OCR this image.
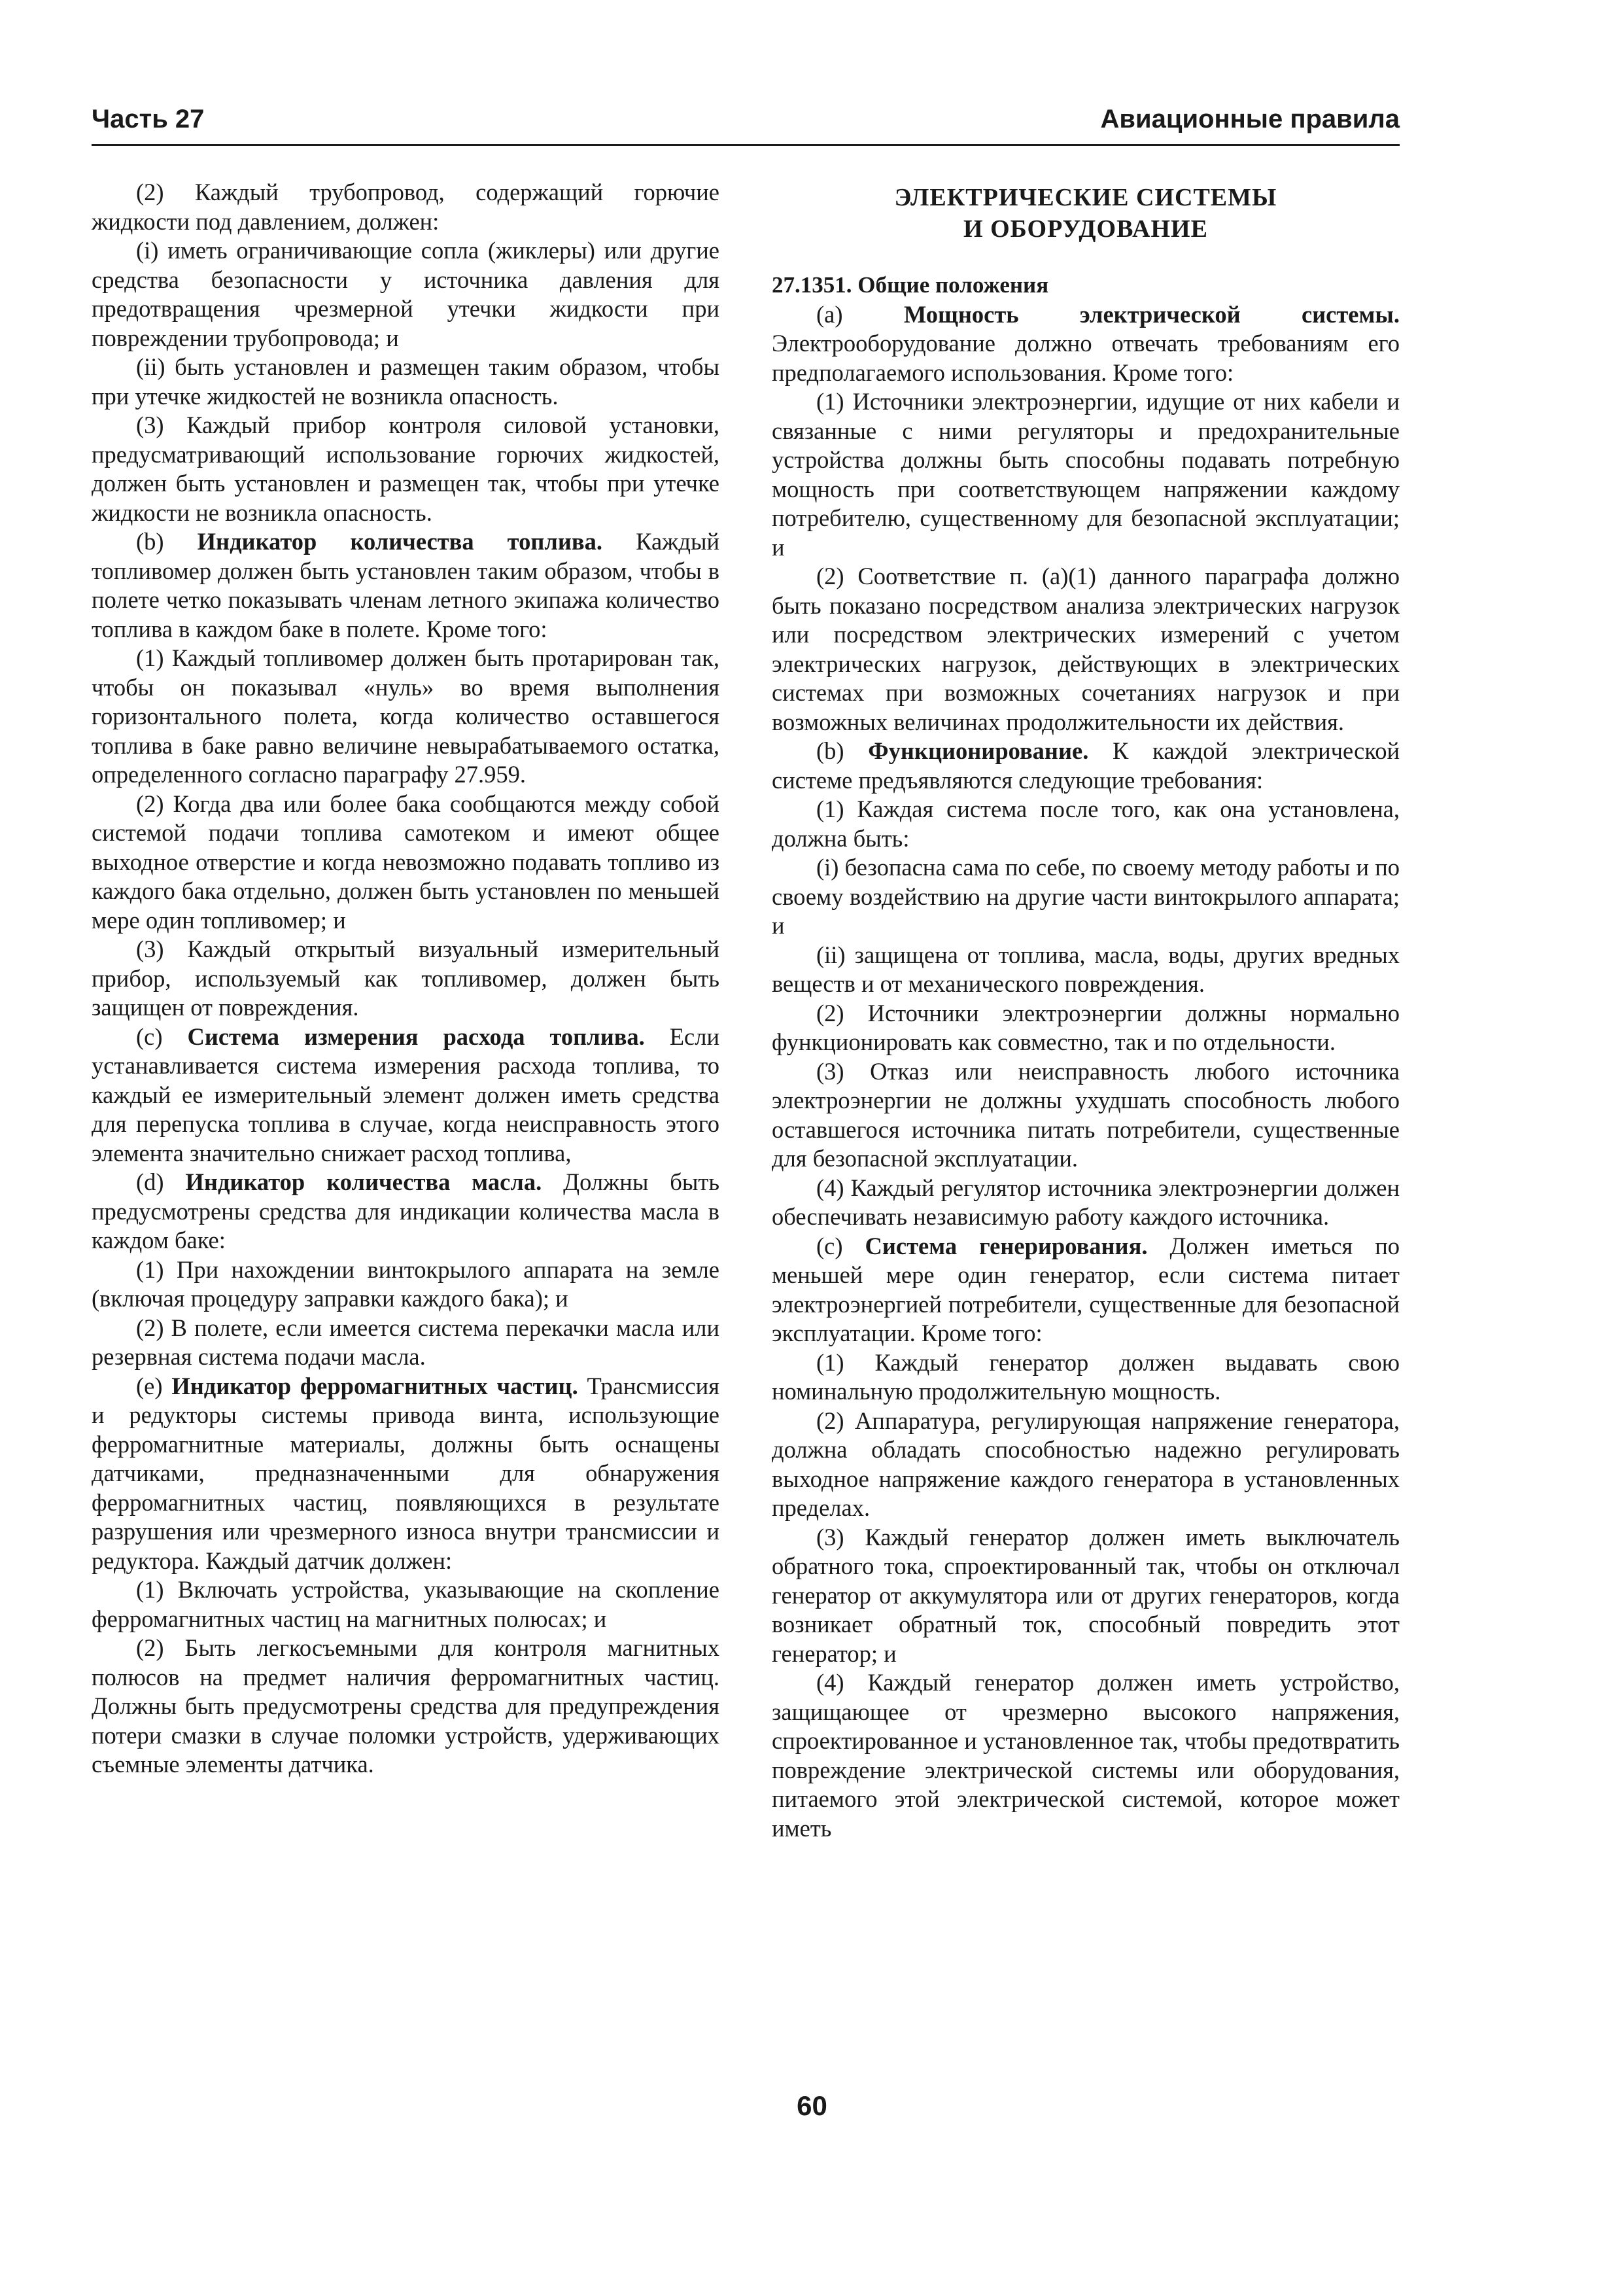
Часть 27	Авиационные правила

(2) Каждый трубопровод, содержащий горючие жидкости под давлением, должен:

(i) иметь ограничивающие сопла (жиклеры) или другие средства безопасности у источника давления для предотвращения чрезмерной утечки жидкости при повреждении трубопровода; и

(ii) быть установлен и размещен таким образом, чтобы при утечке жидкостей не возникла опасность.

(3) Каждый прибор контроля силовой установки, предусматривающий использование горючих жидкостей, должен быть установлен и размещен так, чтобы при утечке жидкости не возникла опасность.

(b) Индикатор количества топлива. Каждый топливомер должен быть установлен таким образом, чтобы в полете четко показывать членам летного экипажа количество топлива в каждом баке в полете. Кроме того:

(1) Каждый топливомер должен быть протарирован так, чтобы он показывал «нуль» во время выполнения горизонтального полета, когда количество оставшегося топлива в баке равно величине невырабатываемого остатка, определенного согласно параграфу 27.959.

(2) Когда два или более бака сообщаются между собой системой подачи топлива самотеком и имеют общее выходное отверстие и когда невозможно подавать топливо из каждого бака отдельно, должен быть установлен по меньшей мере один топливомер; и

(3) Каждый открытый визуальный измерительный прибор, используемый как топливомер, должен быть защищен от повреждения.

(c) Система измерения расхода топлива. Если устанавливается система измерения расхода топлива, то каждый ее измерительный элемент должен иметь средства для перепуска топлива в случае, когда неисправность этого элемента значительно снижает расход топлива,

(d) Индикатор количества масла. Должны быть предусмотрены средства для индикации количества масла в каждом баке:

(1) При нахождении винтокрылого аппарата на земле (включая процедуру заправки каждого бака); и

(2) В полете, если имеется система перекачки масла или резервная система подачи масла.

(e) Индикатор ферромагнитных частиц. Трансмиссия и редукторы системы привода винта, использующие ферромагнитные материалы, должны быть оснащены датчиками, предназначенными для обнаружения ферромагнитных частиц, появляющихся в результате разрушения или чрезмерного износа внутри трансмиссии и редуктора. Каждый датчик должен:

(1) Включать устройства, указывающие на скопление ферромагнитных частиц на магнитных полюсах; и

(2) Быть легкосъемными для контроля магнитных полюсов на предмет наличия ферромагнитных частиц. Должны быть предусмотрены средства для предупреждения потери смазки в случае поломки устройств, удерживающих съемные элементы датчика.

ЭЛЕКТРИЧЕСКИЕ СИСТЕМЫ
И ОБОРУДОВАНИЕ

27.1351. Общие положения

(a) Мощность электрической системы. Электрооборудование должно отвечать требованиям его предполагаемого использования. Кроме того:

(1) Источники электроэнергии, идущие от них кабели и связанные с ними регуляторы и предохранительные устройства должны быть способны подавать потребную мощность при соответствующем напряжении каждому потребителю, существенному для безопасной эксплуатации; и

(2) Соответствие п. (a)(1) данного параграфа должно быть показано посредством анализа электрических нагрузок или посредством электрических измерений с учетом электрических нагрузок, действующих в электрических системах при возможных сочетаниях нагрузок и при возможных величинах продолжительности их действия.

(b) Функционирование. К каждой электрической системе предъявляются следующие требования:

(1) Каждая система после того, как она установлена, должна быть:

(i) безопасна сама по себе, по своему методу работы и по своему воздействию на другие части винтокрылого аппарата; и

(ii) защищена от топлива, масла, воды, других вредных веществ и от механического повреждения.

(2) Источники электроэнергии должны нормально функционировать как совместно, так и по отдельности.

(3) Отказ или неисправность любого источника электроэнергии не должны ухудшать способность любого оставшегося источника питать потребители, существенные для безопасной эксплуатации.

(4) Каждый регулятор источника электроэнергии должен обеспечивать независимую работу каждого источника.

(c) Система генерирования. Должен иметься по меньшей мере один генератор, если система питает электроэнергией потребители, существенные для безопасной эксплуатации. Кроме того:

(1) Каждый генератор должен выдавать свою номинальную продолжительную мощность.

(2) Аппаратура, регулирующая напряжение генератора, должна обладать способностью надежно регулировать выходное напряжение каждого генератора в установленных пределах.

(3) Каждый генератор должен иметь выключатель обратного тока, спроектированный так, чтобы он отключал генератор от аккумулятора или от других генераторов, когда возникает обратный ток, способный повредить этот генератор; и

(4) Каждый генератор должен иметь устройство, защищающее от чрезмерно высокого напряжения, спроектированное и установленное так, чтобы предотвратить повреждение электрической системы или оборудования, питаемого этой электрической системой, которое может иметь

60
